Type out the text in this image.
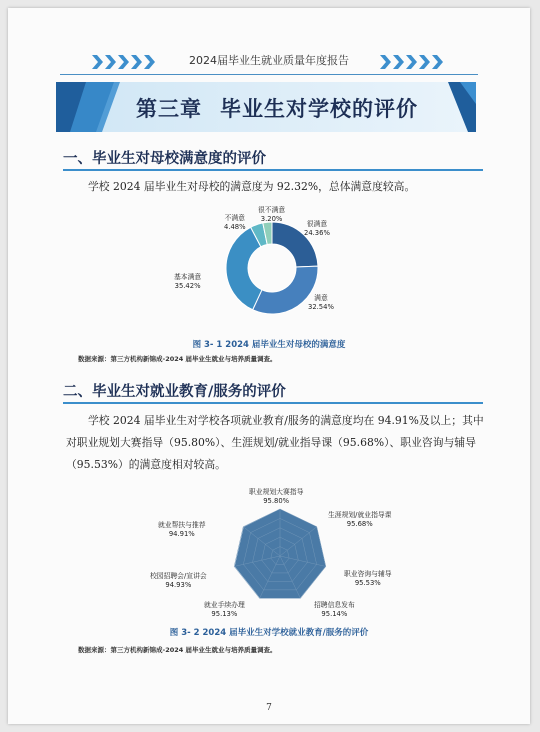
2024届毕业生就业质量年度报告
第三章 毕业生对学校的评价
一、毕业生对母校满意度的评价
学校 2024 届毕业生对母校的满意度为 92.32%，总体满意度较高。
很满意
24.36%
满意
32.54%
基本满意
35.42%
不满意
4.48%
很不满意
3.20%
图 3- 1 2024 届毕业生对母校的满意度
数据来源：第三方机构新锦成-2024 届毕业生就业与培养质量调查。
二、毕业生对就业教育/服务的评价
学校 2024 届毕业生对学校各项就业教育/服务的满意度均在 94.91%及以上；其中对职业规划大赛指导（95.80%）、生涯规划/就业指导课（95.68%）、职业咨询与辅导（95.53%）的满意度相对较高。
职业规划大赛指导
95.80%
生涯规划/就业指导课
95.68%
职业咨询与辅导
95.53%
招聘信息发布
95.14%
就业手续办理
95.13%
校园招聘会/宣讲会
94.93%
就业帮扶与推荐
94.91%
图 3- 2 2024 届毕业生对学校就业教育/服务的评价
数据来源：第三方机构新锦成-2024 届毕业生就业与培养质量调查。
7
